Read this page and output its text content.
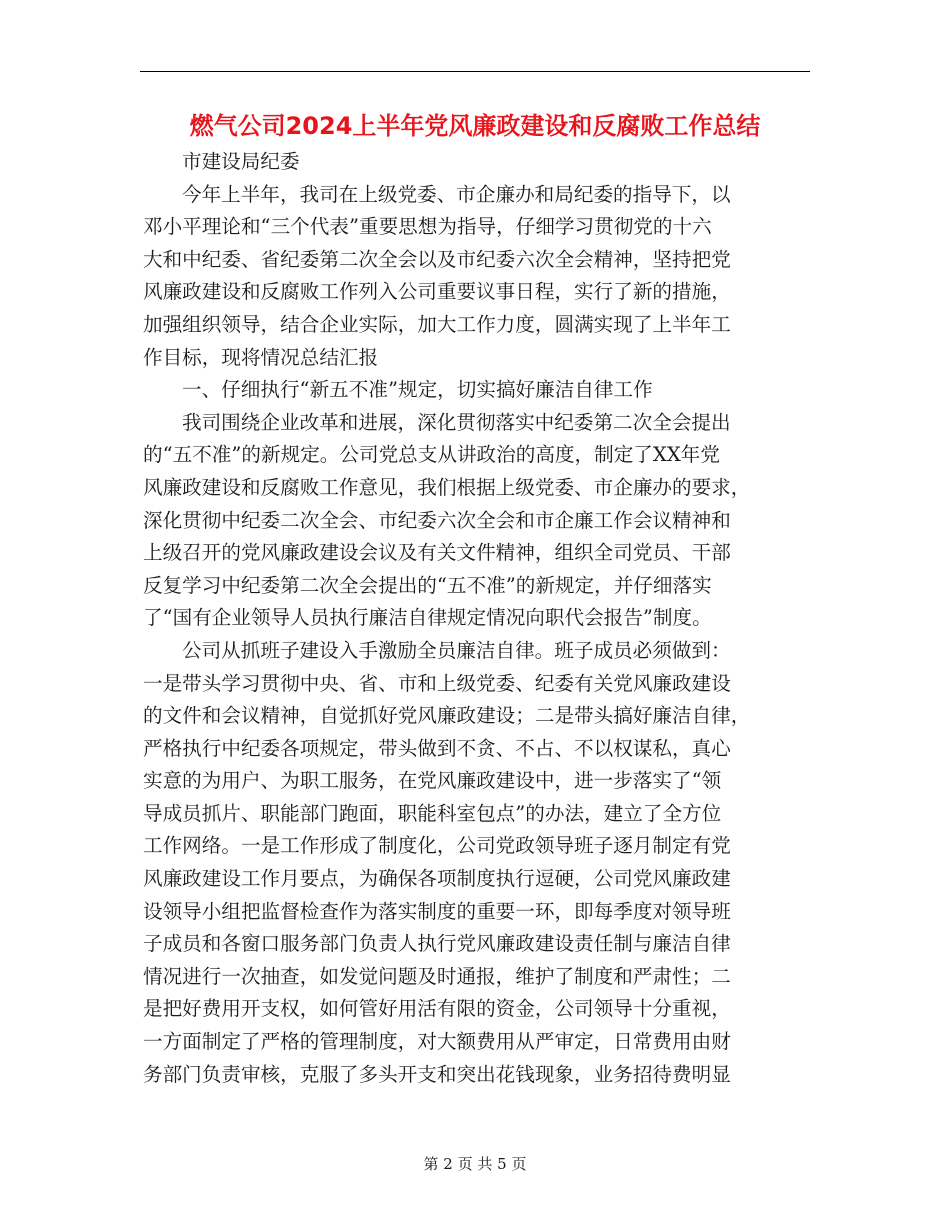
燃气公司2024上半年党风廉政建设和反腐败工作总结
市建设局纪委
今年上半年，我司在上级党委、市企廉办和局纪委的指导下，以
邓小平理论和“三个代表”重要思想为指导，仔细学习贯彻党的十六
大和中纪委、省纪委第二次全会以及市纪委六次全会精神，坚持把党
风廉政建设和反腐败工作列入公司重要议事日程，实行了新的措施，
加强组织领导，结合企业实际，加大工作力度，圆满实现了上半年工
作目标，现将情况总结汇报
一、仔细执行“新五不准”规定，切实搞好廉洁自律工作
我司围绕企业改革和进展，深化贯彻落实中纪委第二次全会提出
的“五不准”的新规定。公司党总支从讲政治的高度，制定了XX年党
风廉政建设和反腐败工作意见，我们根据上级党委、市企廉办的要求，
深化贯彻中纪委二次全会、市纪委六次全会和市企廉工作会议精神和
上级召开的党风廉政建设会议及有关文件精神，组织全司党员、干部
反复学习中纪委第二次全会提出的“五不准”的新规定，并仔细落实
了“国有企业领导人员执行廉洁自律规定情况向职代会报告”制度。
公司从抓班子建设入手激励全员廉洁自律。班子成员必须做到：
一是带头学习贯彻中央、省、市和上级党委、纪委有关党风廉政建设
的文件和会议精神，自觉抓好党风廉政建设；二是带头搞好廉洁自律，
严格执行中纪委各项规定，带头做到不贪、不占、不以权谋私，真心
实意的为用户、为职工服务，在党风廉政建设中，进一步落实了“领
导成员抓片、职能部门跑面，职能科室包点”的办法，建立了全方位
工作网络。一是工作形成了制度化，公司党政领导班子逐月制定有党
风廉政建设工作月要点，为确保各项制度执行逗硬，公司党风廉政建
设领导小组把监督检查作为落实制度的重要一环，即每季度对领导班
子成员和各窗口服务部门负责人执行党风廉政建设责任制与廉洁自律
情况进行一次抽查，如发觉问题及时通报，维护了制度和严肃性；二
是把好费用开支权，如何管好用活有限的资金，公司领导十分重视，
一方面制定了严格的管理制度，对大额费用从严审定，日常费用由财
务部门负责审核，克服了多头开支和突出花钱现象，业务招待费明显
第 2 页 共 5 页
